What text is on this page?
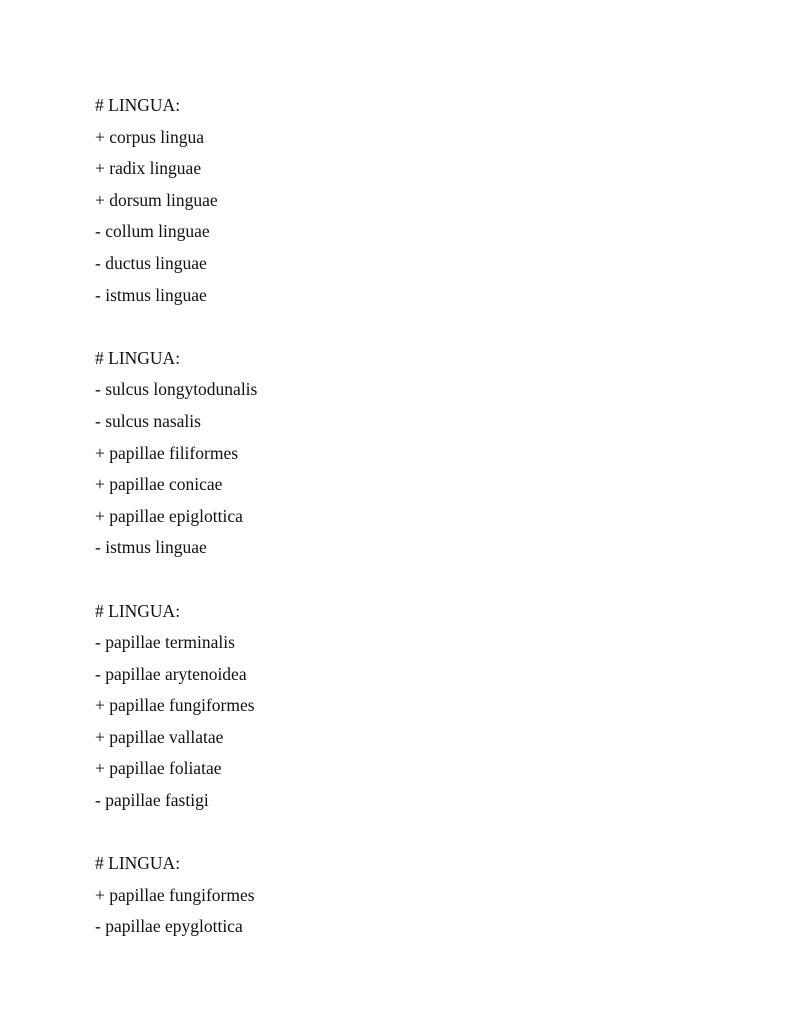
# LINGUA:
+ corpus lingua
+ radix linguae
+ dorsum linguae
- collum linguae
- ductus linguae
- istmus linguae
# LINGUA:
- sulcus longytodunalis
- sulcus nasalis
+ papillae filiformes
+ papillae conicae
+ papillae epiglottica
- istmus linguae
# LINGUA:
- papillae terminalis
- papillae arytenoidea
+ papillae fungiformes
+ papillae vallatae
+ papillae foliatae
- papillae fastigi
# LINGUA:
+ papillae fungiformes
- papillae epyglottica
